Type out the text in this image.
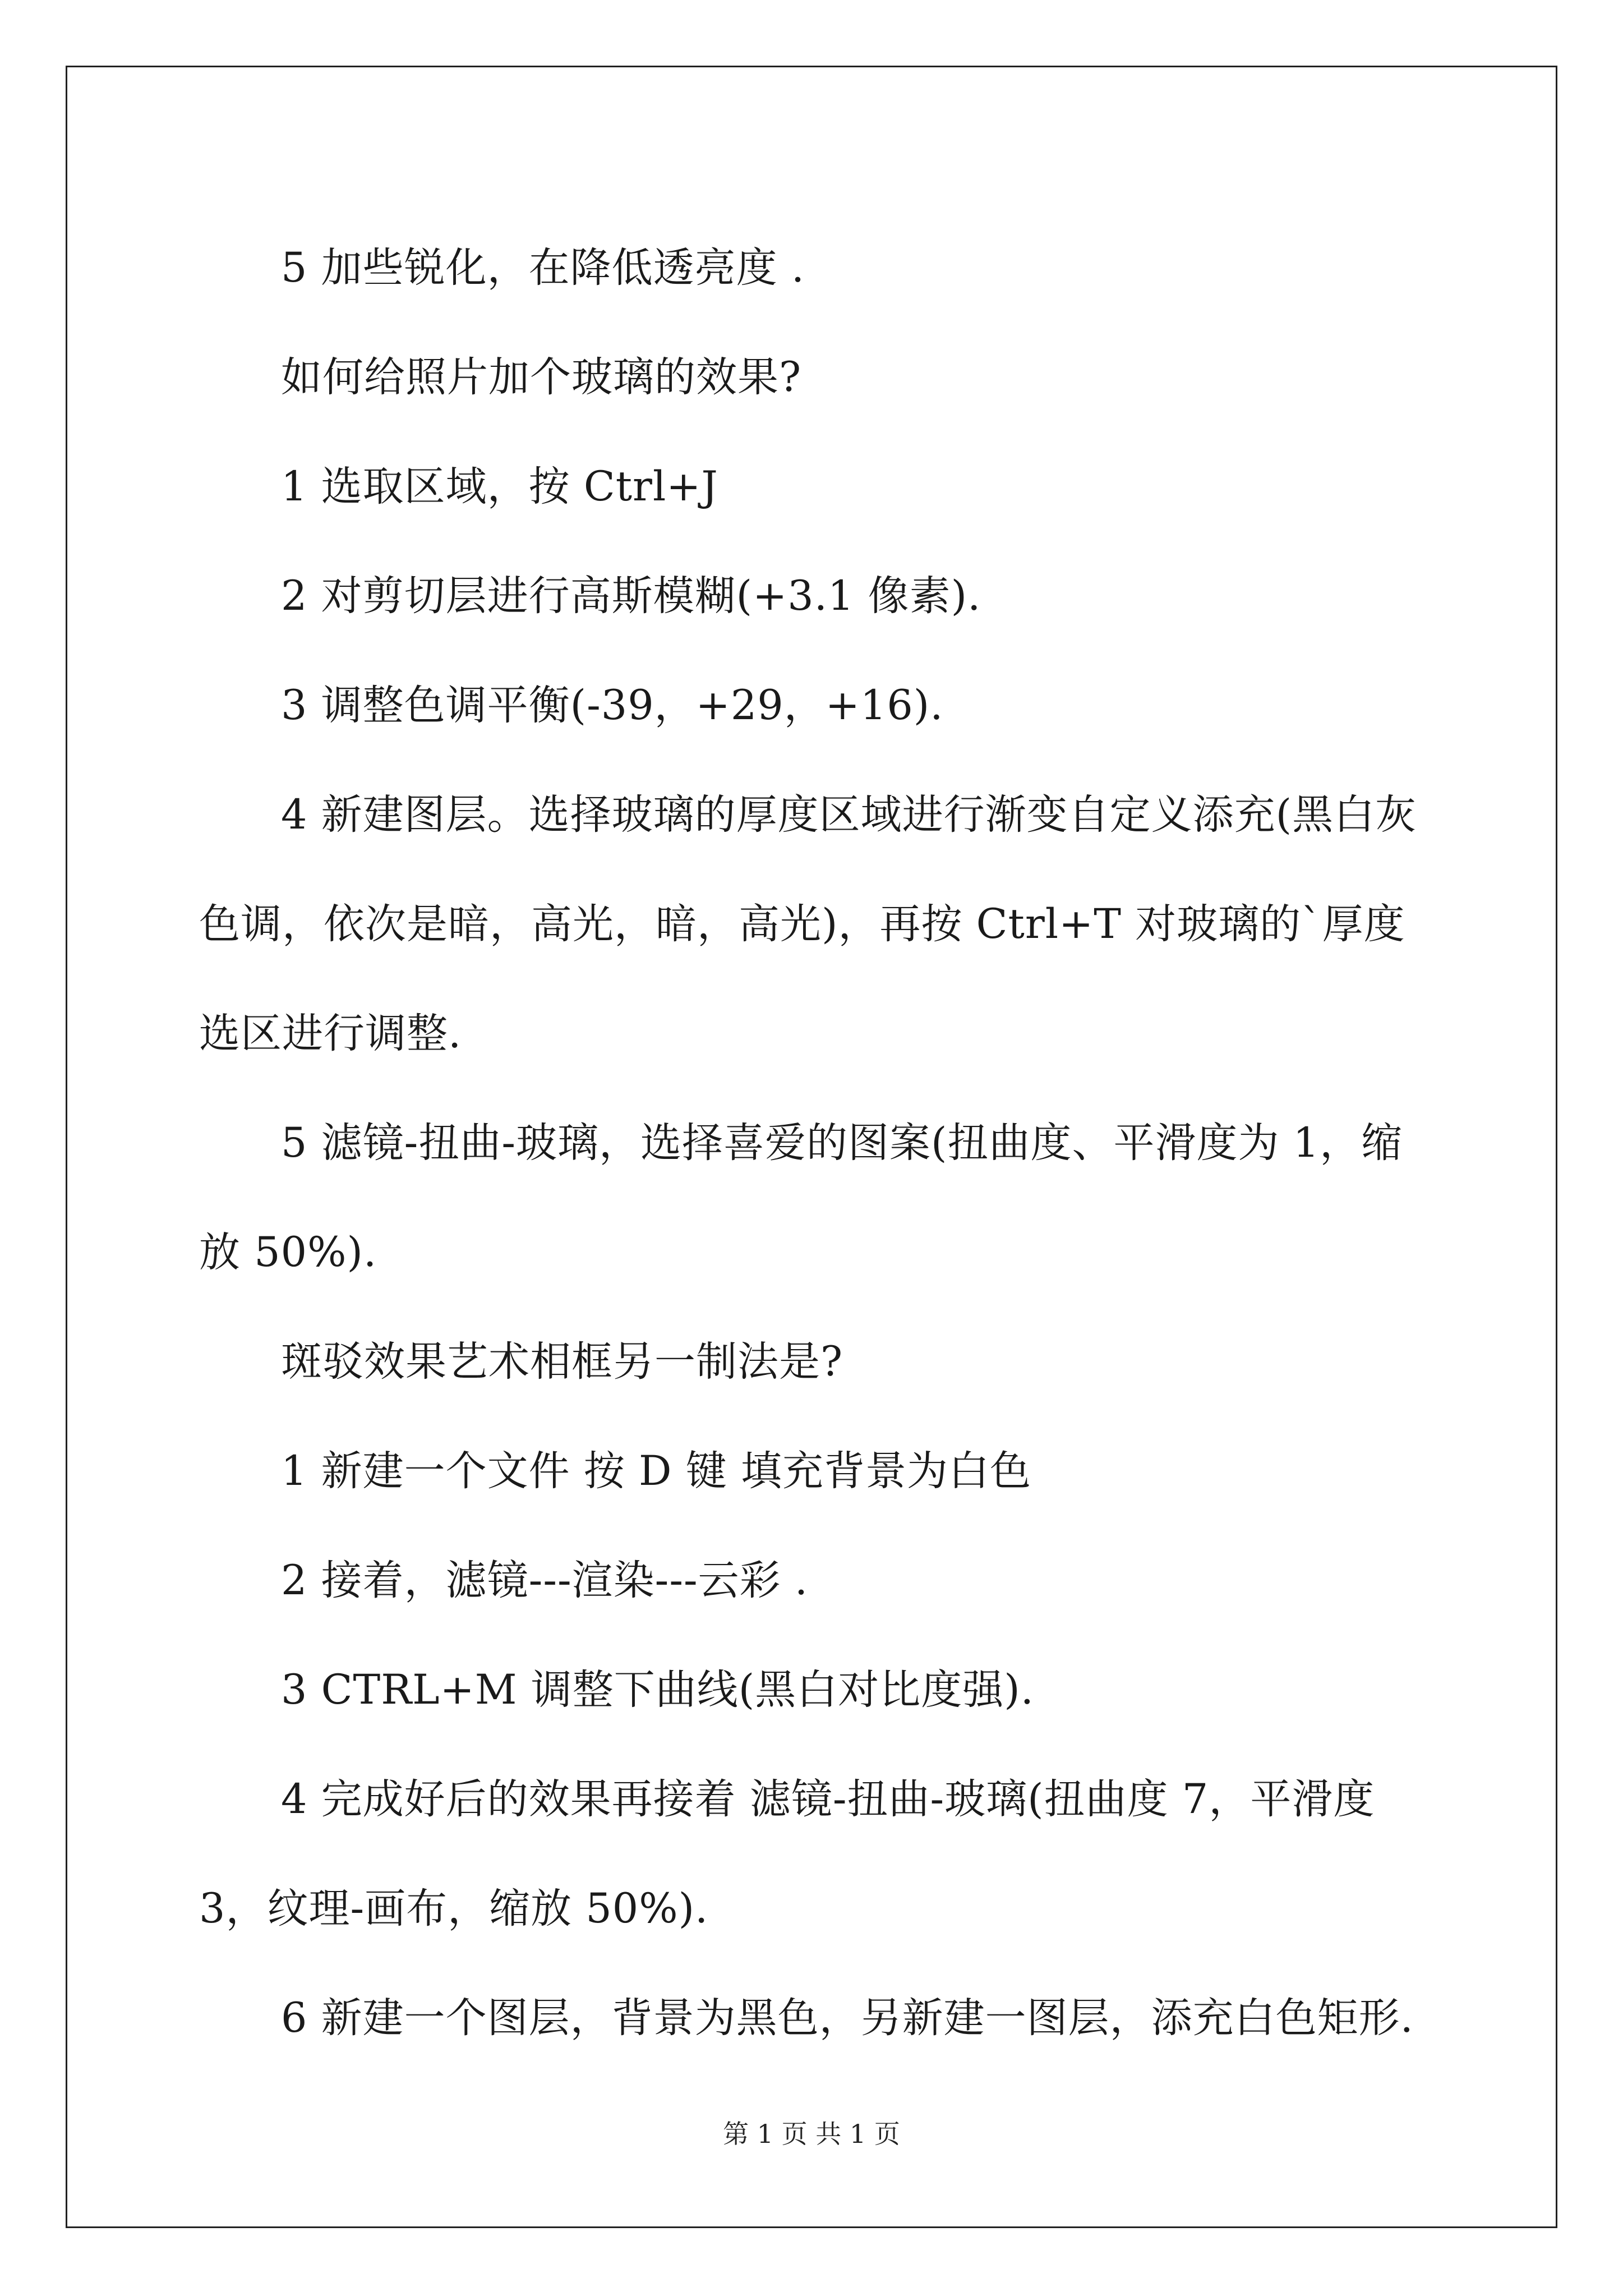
5 加些锐化，在降低透亮度 .

如何给照片加个玻璃的效果?

1 选取区域，按 Ctrl+J

2 对剪切层进行高斯模糊(+3.1 像素).

3 调整色调平衡(-39，+29，+16).

4 新建图层。选择玻璃的厚度区域进行渐变自定义添充(黑白灰色调，依次是暗，高光，暗，高光)，再按 Ctrl+T 对玻璃的`厚度选区进行调整.

5 滤镜-扭曲-玻璃，选择喜爱的图案(扭曲度、平滑度为 1，缩放 50%).

斑驳效果艺术相框另一制法是?

1 新建一个文件 按 D 键 填充背景为白色

2 接着，滤镜---渲染---云彩 .

3 CTRL+M 调整下曲线(黑白对比度强).

4 完成好后的效果再接着 滤镜-扭曲-玻璃(扭曲度 7，平滑度 3，纹理-画布，缩放 50%).

6 新建一个图层，背景为黑色，另新建一图层，添充白色矩形.

第 1 页 共 1 页
